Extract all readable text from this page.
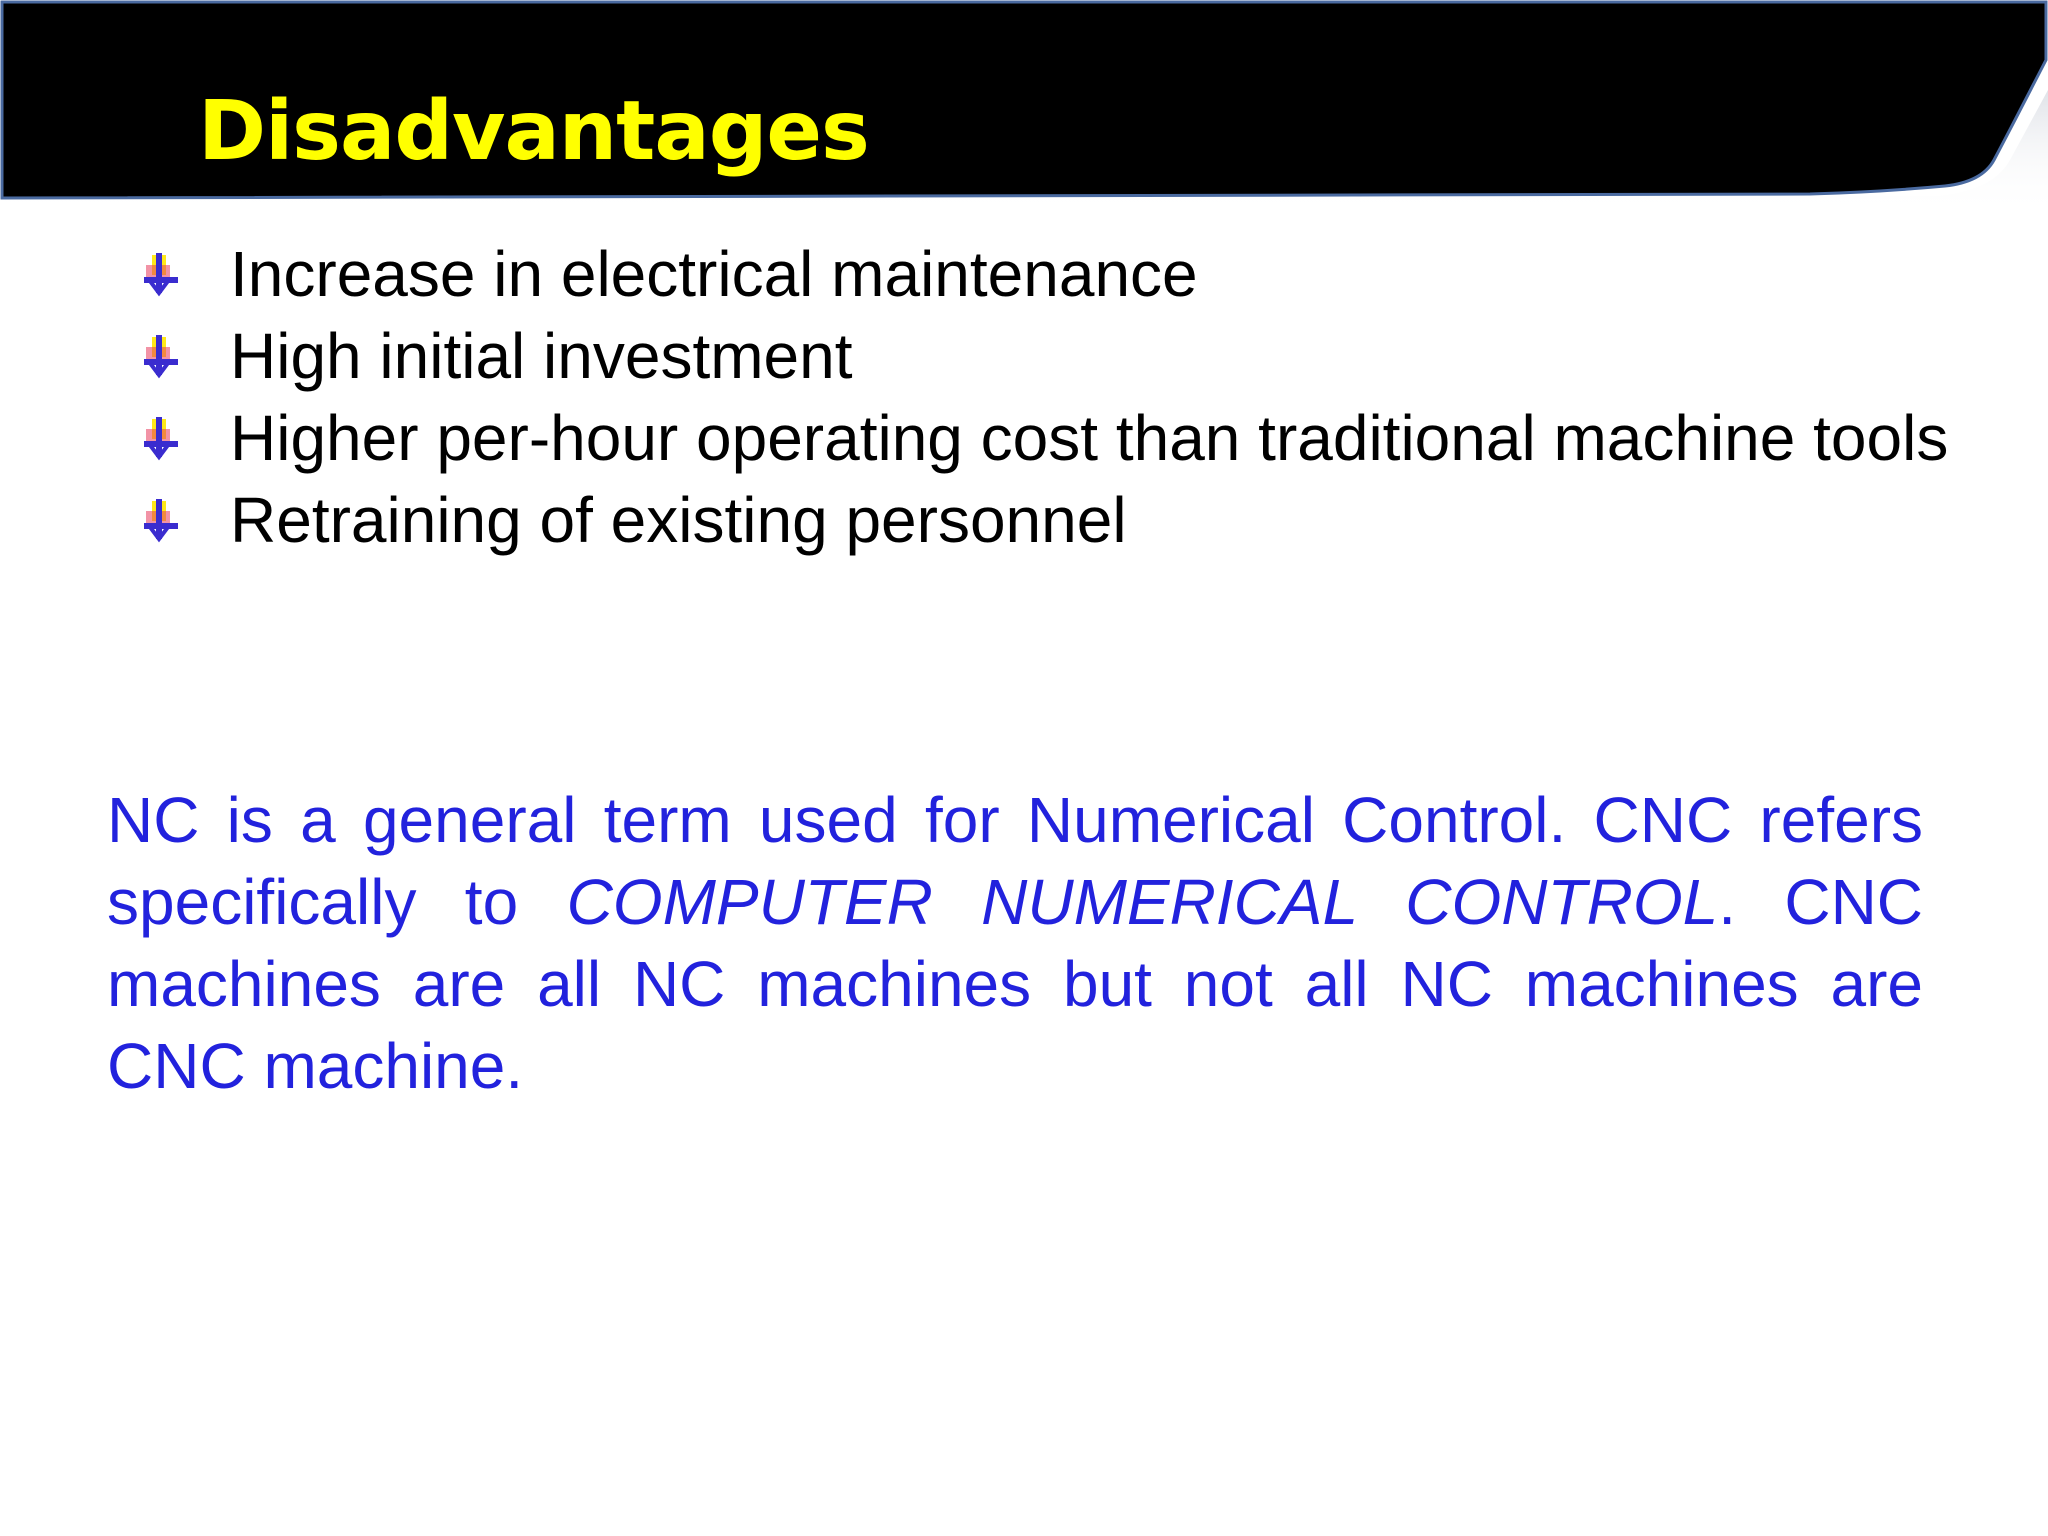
Disadvantages
Increase in electrical maintenance
High initial investment
Higher per-hour operating cost than traditional machine tools
Retraining of existing personnel

NC is a general term used for Numerical Control. CNC refers specifically to COMPUTER NUMERICAL CONTROL. CNC machines are all NC machines but not all NC machines are CNC machine.
